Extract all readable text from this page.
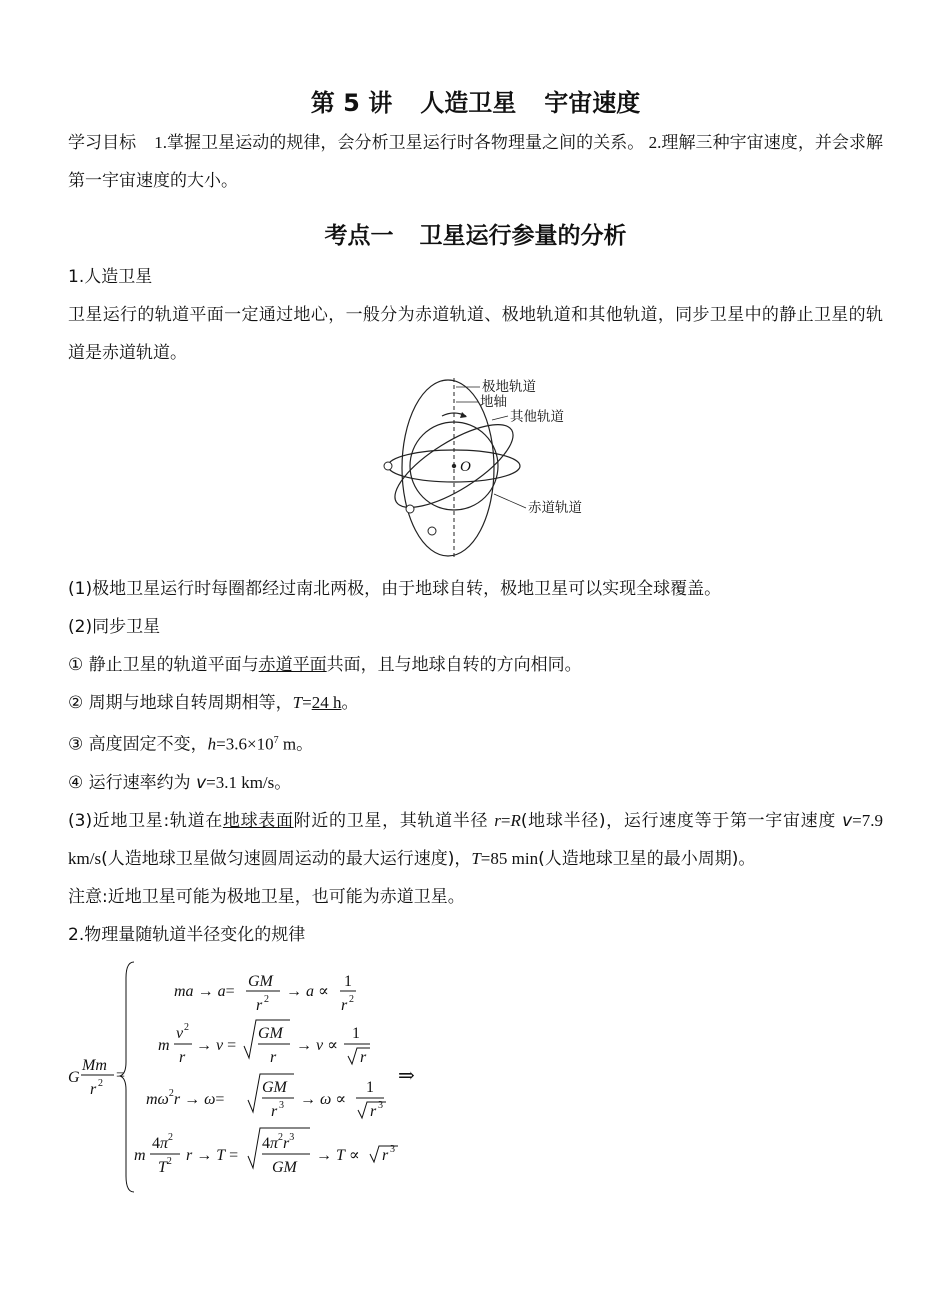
第 5 讲 人造卫星 宇宙速度

学习目标 1.掌握卫星运动的规律，会分析卫星运行时各物理量之间的关系。 2.理解三种宇宙速度，并会求解第一宇宙速度的大小。

考点一 卫星运行参量的分析

1.人造卫星

卫星运行的轨道平面一定通过地心，一般分为赤道轨道、极地轨道和其他轨道，同步卫星中的静止卫星的轨道是赤道轨道。

O
极地轨道
地轴
其他轨道
赤道轨道

(1)极地卫星运行时每圈都经过南北两极，由于地球自转，极地卫星可以实现全球覆盖。

(2)同步卫星

① 静止卫星的轨道平面与赤道平面共面，且与地球自转的方向相同。

② 周期与地球自转周期相等，T=24 h。

③ 高度固定不变，$h=3.6\times 10^7$ m。

④ 运行速率约为 v=3.1 km/s。

(3)近地卫星:轨道在地球表面附近的卫星，其轨道半径 r=R(地球半径)，运行速度等于第一宇宙速度 v=7.9 km/s(人造地球卫星做匀速圆周运动的最大运行速度)，T=85 min(人造地球卫星的最小周期)。

注意:近地卫星可能为极地卫星，也可能为赤道卫星。

2.物理量随轨道半径变化的规律

G
Mm
r 2 =
ma → a=
GM
r 2 → a ∝
1
r 2
m
v 2
r
→ v =
GM
r
→ v ∝
1
r
$m\omega^2r \to \omega=$
GM
r 3 → ω ∝
1
r 3
m
$4\pi^2$
$T^2$ r → T =
$4\pi^2r^3$
GM
→ T ∝ r 3
⇒
